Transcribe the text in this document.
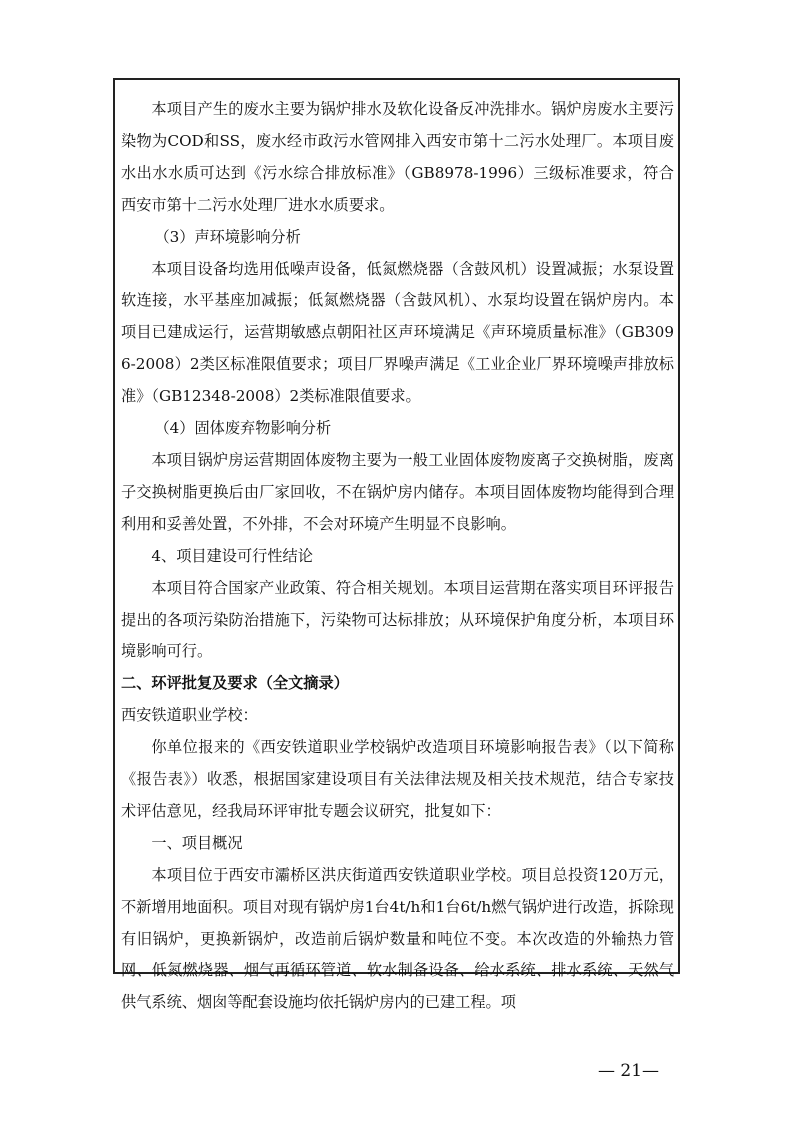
本项目产生的废水主要为锅炉排水及软化设备反冲洗排水。锅炉房废水主要污染物为COD和SS，废水经市政污水管网排入西安市第十二污水处理厂。本项目废水出水水质可达到《污水综合排放标准》（GB8978-1996）三级标准要求，符合西安市第十二污水处理厂进水水质要求。

（3）声环境影响分析

本项目设备均选用低噪声设备，低氮燃烧器（含鼓风机）设置减振；水泵设置软连接，水平基座加减振；低氮燃烧器（含鼓风机）、水泵均设置在锅炉房内。本项目已建成运行，运营期敏感点朝阳社区声环境满足《声环境质量标准》（GB3096-2008）2类区标准限值要求；项目厂界噪声满足《工业企业厂界环境噪声排放标准》（GB12348-2008）2类标准限值要求。

（4）固体废弃物影响分析

本项目锅炉房运营期固体废物主要为一般工业固体废物废离子交换树脂，废离子交换树脂更换后由厂家回收，不在锅炉房内储存。本项目固体废物均能得到合理利用和妥善处置，不外排，不会对环境产生明显不良影响。

4、项目建设可行性结论

本项目符合国家产业政策、符合相关规划。本项目运营期在落实项目环评报告提出的各项污染防治措施下，污染物可达标排放；从环境保护角度分析，本项目环境影响可行。

二、环评批复及要求（全文摘录）

西安铁道职业学校：

你单位报来的《西安铁道职业学校锅炉改造项目环境影响报告表》（以下简称《报告表》）收悉，根据国家建设项目有关法律法规及相关技术规范，结合专家技术评估意见，经我局环评审批专题会议研究，批复如下：

一、项目概况

本项目位于西安市灞桥区洪庆街道西安铁道职业学校。项目总投资120万元，不新增用地面积。项目对现有锅炉房1台4t/h和1台6t/h燃气锅炉进行改造，拆除现有旧锅炉，更换新锅炉，改造前后锅炉数量和吨位不变。本次改造的外输热力管网、低氮燃烧器、烟气再循环管道、软水制备设备、给水系统、排水系统、天然气供气系统、烟囱等配套设施均依托锅炉房内的已建工程。项

— 21—
